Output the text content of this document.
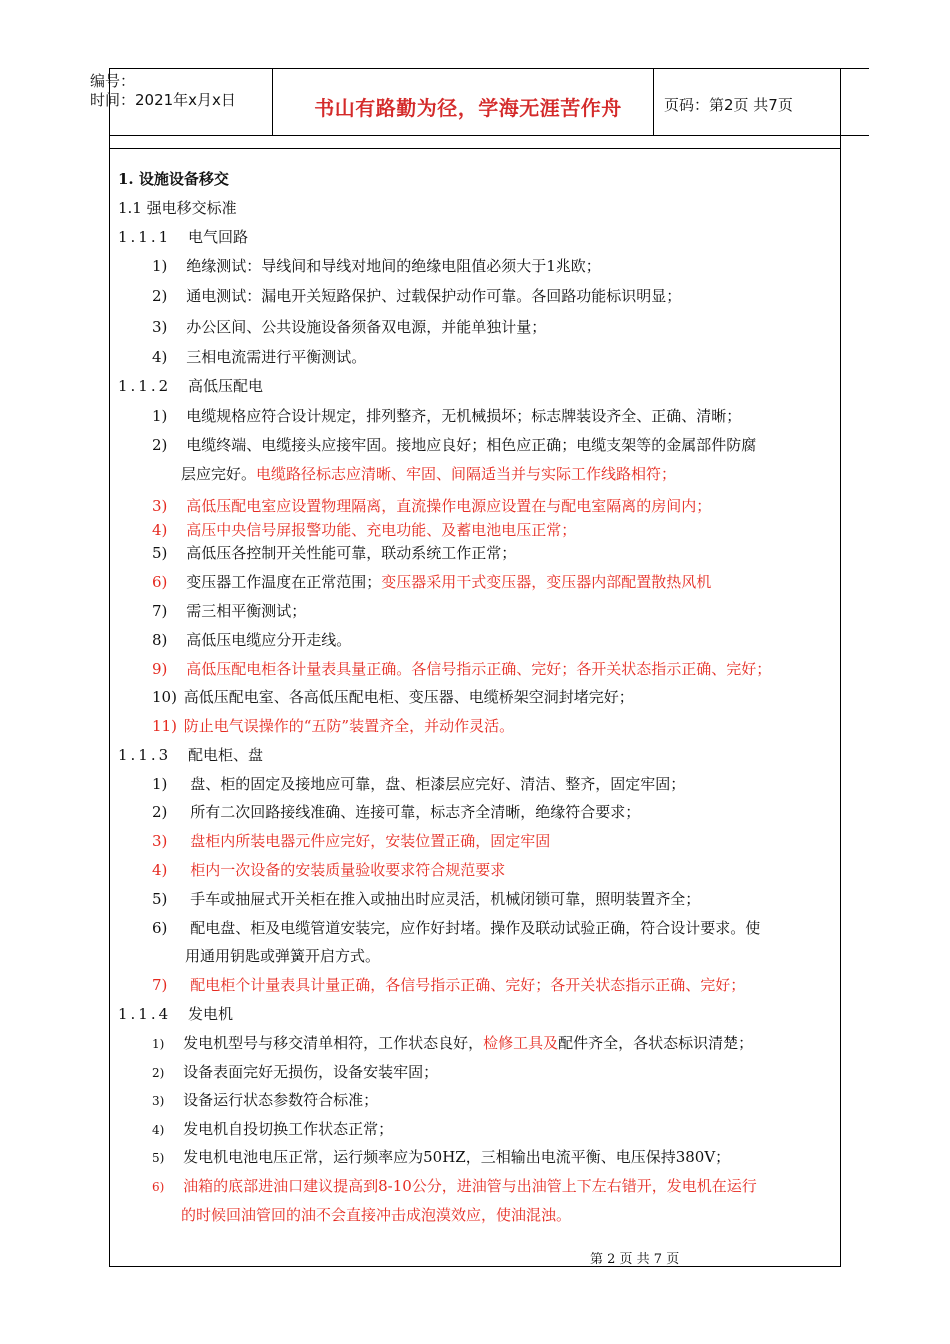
编号：
时间：2021年x月x日	书山有路勤为径，学海无涯苦作舟	页码：第2页 共7页
1. 设施设备移交
1.1 强电移交标准
1.1.1 电气回路
1) 绝缘测试：导线间和导线对地间的绝缘电阻值必须大于1兆欧；
2) 通电测试：漏电开关短路保护、过载保护动作可靠。各回路功能标识明显；
3) 办公区间、公共设施设备须备双电源，并能单独计量；
4) 三相电流需进行平衡测试。
1.1.2 高低压配电
1) 电缆规格应符合设计规定，排列整齐，无机械损坏；标志牌装设齐全、正确、清晰；
2) 电缆终端、电缆接头应接牢固。接地应良好；相色应正确；电缆支架等的金属部件防腐
层应完好。电缆路径标志应清晰、牢固、间隔适当并与实际工作线路相符；
3) 高低压配电室应设置物理隔离，直流操作电源应设置在与配电室隔离的房间内；
4) 高压中央信号屏报警功能、充电功能、及蓄电池电压正常；
5) 高低压各控制开关性能可靠，联动系统工作正常；
6) 变压器工作温度在正常范围；变压器采用干式变压器，变压器内部配置散热风机
7) 需三相平衡测试；
8) 高低压电缆应分开走线。
9) 高低压配电柜各计量表具量正确。各信号指示正确、完好；各开关状态指示正确、完好；
10) 高低压配电室、各高低压配电柜、变压器、电缆桥架空洞封堵完好；
11) 防止电气误操作的“五防”装置齐全，并动作灵活。
1.1.3 配电柜、盘
1) 盘、柜的固定及接地应可靠，盘、柜漆层应完好、清洁、整齐，固定牢固；
2) 所有二次回路接线准确、连接可靠，标志齐全清晰，绝缘符合要求；
3) 盘柜内所装电器元件应完好，安装位置正确，固定牢固
4) 柜内一次设备的安装质量验收要求符合规范要求
5) 手车或抽屉式开关柜在推入或抽出时应灵活，机械闭锁可靠，照明装置齐全；
6) 配电盘、柜及电缆管道安装完，应作好封堵。操作及联动试验正确，符合设计要求。使
用通用钥匙或弹簧开启方式。
7) 配电柜个计量表具计量正确，各信号指示正确、完好；各开关状态指示正确、完好；
1.1.4 发电机
1) 发电机型号与移交清单相符，工作状态良好，检修工具及配件齐全，各状态标识清楚；
2) 设备表面完好无损伤，设备安装牢固；
3) 设备运行状态参数符合标准；
4) 发电机自投切换工作状态正常；
5) 发电机电池电压正常，运行频率应为50HZ，三相输出电流平衡、电压保持380V；
6) 油箱的底部进油口建议提高到8-10公分，进油管与出油管上下左右错开，发电机在运行
的时候回油管回的油不会直接冲击成泡漠效应，使油混浊。
第 2 页 共 7 页
